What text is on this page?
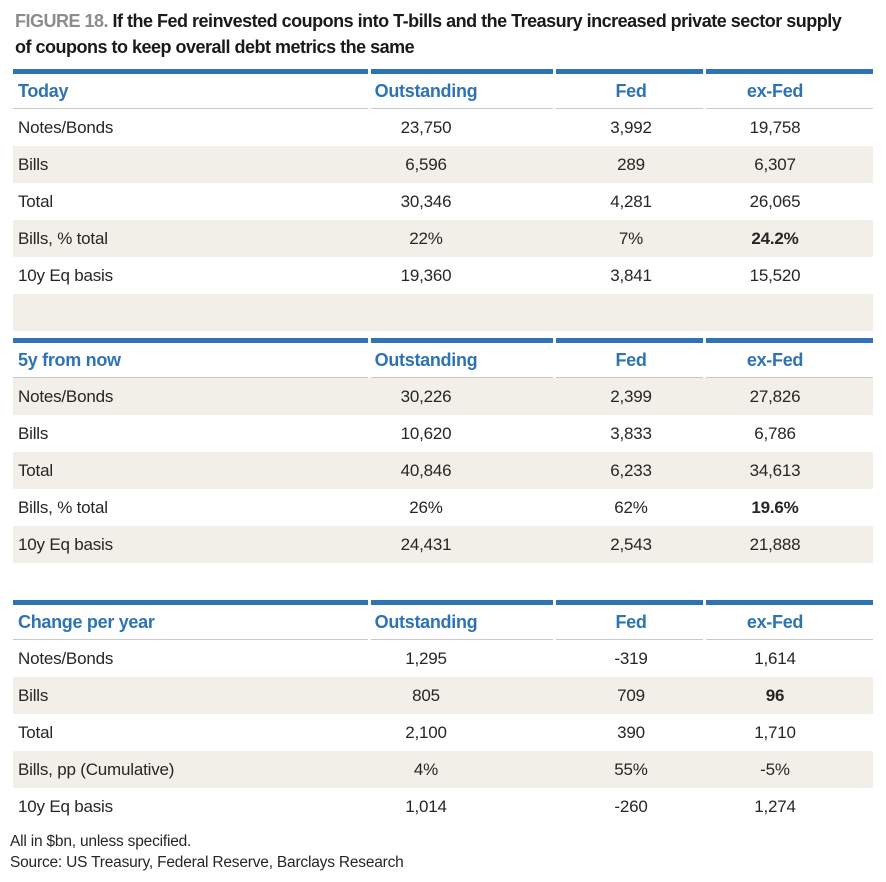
FIGURE 18. If the Fed reinvested coupons into T-bills and the Treasury increased private sector supply
of coupons to keep overall debt metrics the same
Today	Outstanding	Fed	ex-Fed
Notes/Bonds	23,750	3,992	19,758
Bills	6,596	289	6,307
Total	30,346	4,281	26,065
Bills, % total	22%	7%	24.2%
10y Eq basis	19,360	3,841	15,520
5y from now	Outstanding	Fed	ex-Fed
Notes/Bonds	30,226	2,399	27,826
Bills	10,620	3,833	6,786
Total	40,846	6,233	34,613
Bills, % total	26%	62%	19.6%
10y Eq basis	24,431	2,543	21,888
Change per year	Outstanding	Fed	ex-Fed
Notes/Bonds	1,295	-319	1,614
Bills	805	709	96
Total	2,100	390	1,710
Bills, pp (Cumulative)	4%	55%	-5%
10y Eq basis	1,014	-260	1,274
All in $bn, unless specified.
Source: US Treasury, Federal Reserve, Barclays Research
